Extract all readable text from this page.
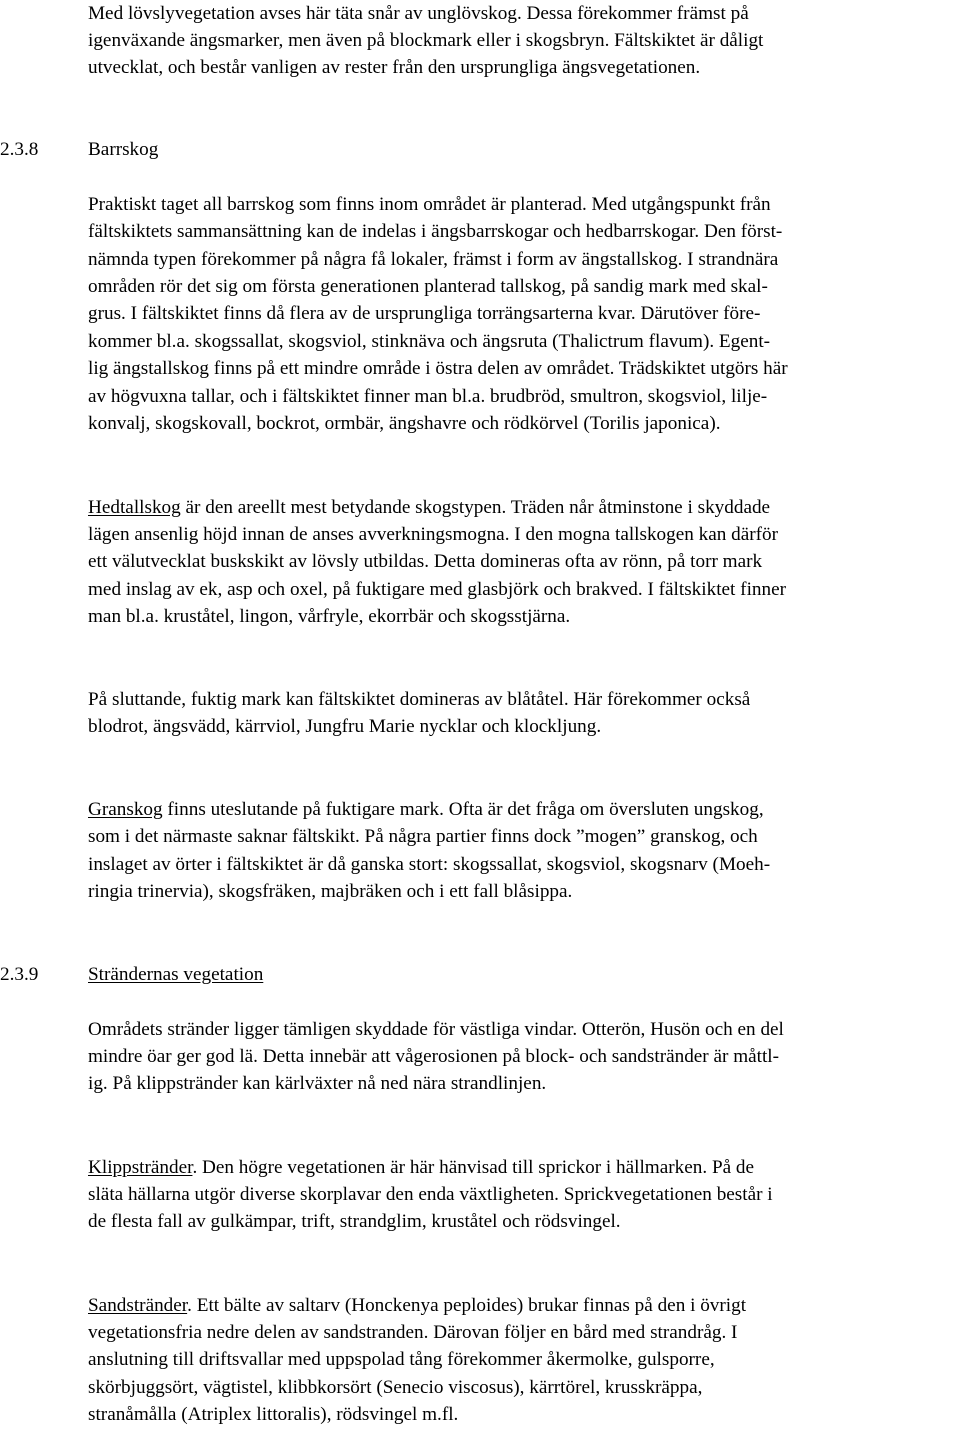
Med lövslyvegetation avses här täta snår av unglövskog. Dessa förekommer främst på
igenväxande ängsmarker, men även på blockmark eller i skogsbryn. Fältskiktet är dåligt
utvecklat, och består vanligen av rester från den ursprungliga ängsvegetationen.
2.3.8	Barrskog
Praktiskt taget all barrskog som finns inom området är planterad. Med utgångspunkt från
fältskiktets sammansättning kan de indelas i ängsbarrskogar och hedbarrskogar. Den först-
nämnda typen förekommer på några få lokaler, främst i form av ängstallskog. I strandnära
områden rör det sig om första generationen planterad tallskog, på sandig mark med skal-
grus. I fältskiktet finns då flera av de ursprungliga torrängsarterna kvar. Därutöver före-
kommer bl.a. skogssallat, skogsviol, stinknäva och ängsruta (Thalictrum flavum). Egent-
lig ängstallskog finns på ett mindre område i östra delen av området. Trädskiktet utgörs här
av högvuxna tallar, och i fältskiktet finner man bl.a. brudbröd, smultron, skogsviol, lilje-
konvalj, skogskovall, bockrot, ormbär, ängshavre och rödkörvel (Torilis japonica).
Hedtallskog är den areellt mest betydande skogstypen. Träden når åtminstone i skyddade
lägen ansenlig höjd innan de anses avverkningsmogna. I den mogna tallskogen kan därför
ett välutvecklat buskskikt av lövsly utbildas. Detta domineras ofta av rönn, på torr mark
med inslag av ek, asp och oxel, på fuktigare med glasbjörk och brakved. I fältskiktet finner
man bl.a. kruståtel, lingon, vårfryle, ekorrbär och skogsstjärna.
På sluttande, fuktig mark kan fältskiktet domineras av blåtåtel. Här förekommer också
blodrot, ängsvädd, kärrviol, Jungfru Marie nycklar och klockljung.
Granskog finns uteslutande på fuktigare mark. Ofta är det fråga om översluten ungskog,
som i det närmaste saknar fältskikt. På några partier finns dock ”mogen” granskog, och
inslaget av örter i fältskiktet är då ganska stort: skogssallat, skogsviol, skogsnarv (Moeh-
ringia trinervia), skogsfräken, majbräken och i ett fall blåsippa.
2.3.9	Strändernas vegetation
Områdets stränder ligger tämligen skyddade för västliga vindar. Otterön, Husön och en del
mindre öar ger god lä. Detta innebär att vågerosionen på block- och sandstränder är måttl-
ig. På klippstränder kan kärlväxter nå ned nära strandlinjen.
Klippstränder. Den högre vegetationen är här hänvisad till sprickor i hällmarken. På de
släta hällarna utgör diverse skorplavar den enda växtligheten. Sprickvegetationen består i
de flesta fall av gulkämpar, trift, strandglim, kruståtel och rödsvingel.
Sandstränder. Ett bälte av saltarv (Honckenya peploides) brukar finnas på den i övrigt
vegetationsfria nedre delen av sandstranden. Därovan följer en bård med strandråg. I
anslutning till driftsvallar med uppspolad tång förekommer åkermolke, gulsporre,
skörbjuggsört, vägtistel, klibbkorsört (Senecio viscosus), kärrtörel, krusskräppa,
stranåmålla (Atriplex littoralis), rödsvingel m.fl.
